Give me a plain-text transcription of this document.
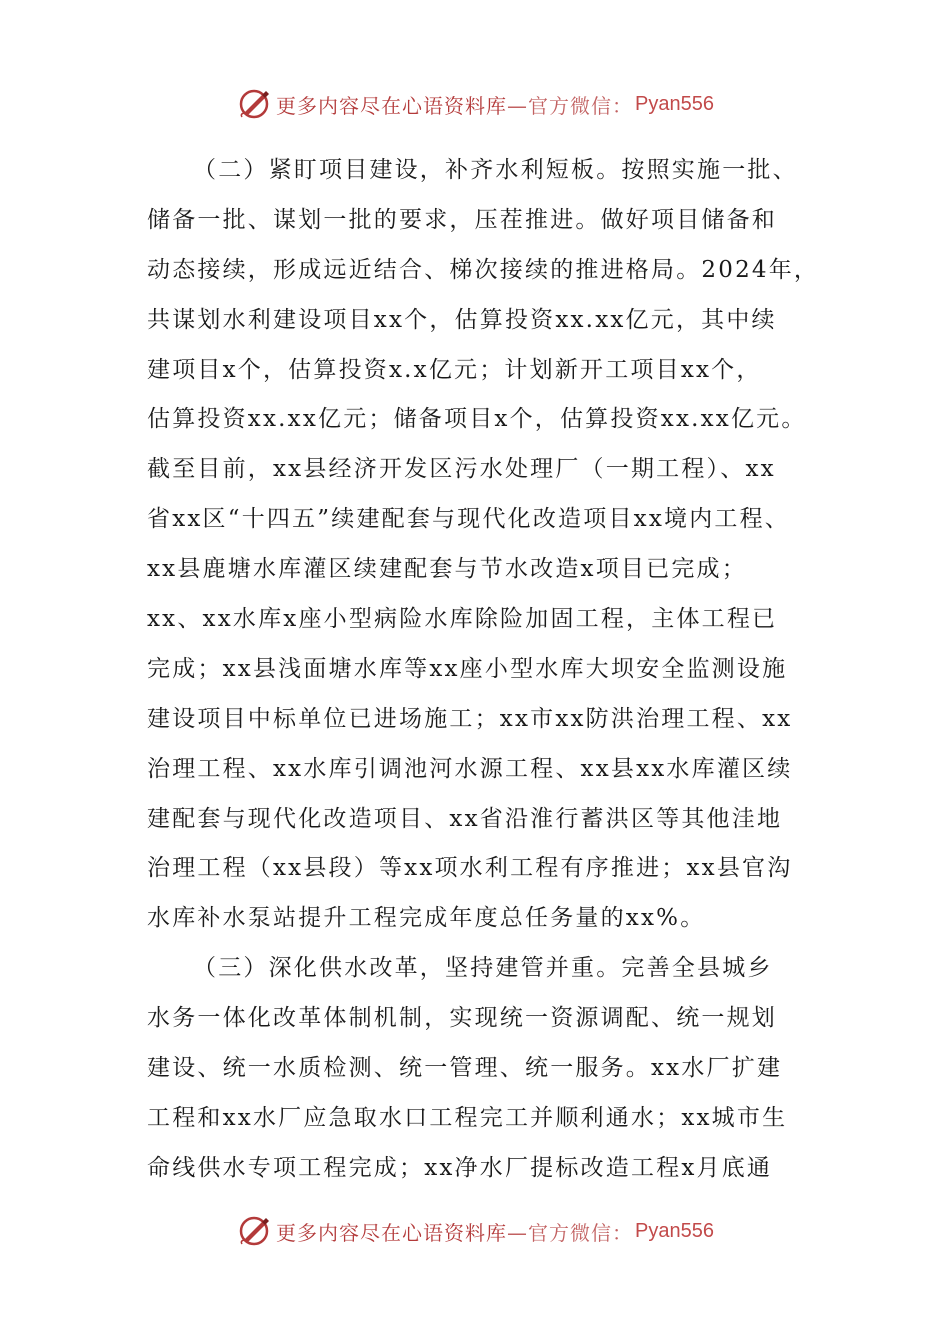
更多内容尽在心语资料库 —官方微信： Pyan556
（二）紧盯项目建设，补齐水利短板。按照实施一批、
储备一批、谋划一批的要求，压茬推进。做好项目储备和
动态接续，形成远近结合、梯次接续的推进格局。2024年，
共谋划水利建设项目xx个，估算投资xx.xx亿元，其中续
建项目x个，估算投资x.x亿元；计划新开工项目xx个，
估算投资xx.xx亿元；储备项目x个，估算投资xx.xx亿元。
截至目前，xx县经济开发区污水处理厂（一期工程）、xx
省xx区“十四五”续建配套与现代化改造项目xx境内工程、
xx县鹿塘水库灌区续建配套与节水改造x项目已完成；
xx、xx水库x座小型病险水库除险加固工程，主体工程已
完成；xx县浅面塘水库等xx座小型水库大坝安全监测设施
建设项目中标单位已进场施工；xx市xx防洪治理工程、xx
治理工程、xx水库引调池河水源工程、xx县xx水库灌区续
建配套与现代化改造项目、xx省沿淮行蓄洪区等其他洼地
治理工程（xx县段）等xx项水利工程有序推进；xx县官沟
水库补水泵站提升工程完成年度总任务量的xx%。
（三）深化供水改革，坚持建管并重。完善全县城乡
水务一体化改革体制机制，实现统一资源调配、统一规划
建设、统一水质检测、统一管理、统一服务。xx水厂扩建
工程和xx水厂应急取水口工程完工并顺利通水；xx城市生
命线供水专项工程完成；xx净水厂提标改造工程x月底通
更多内容尽在心语资料库 —官方微信： Pyan556
